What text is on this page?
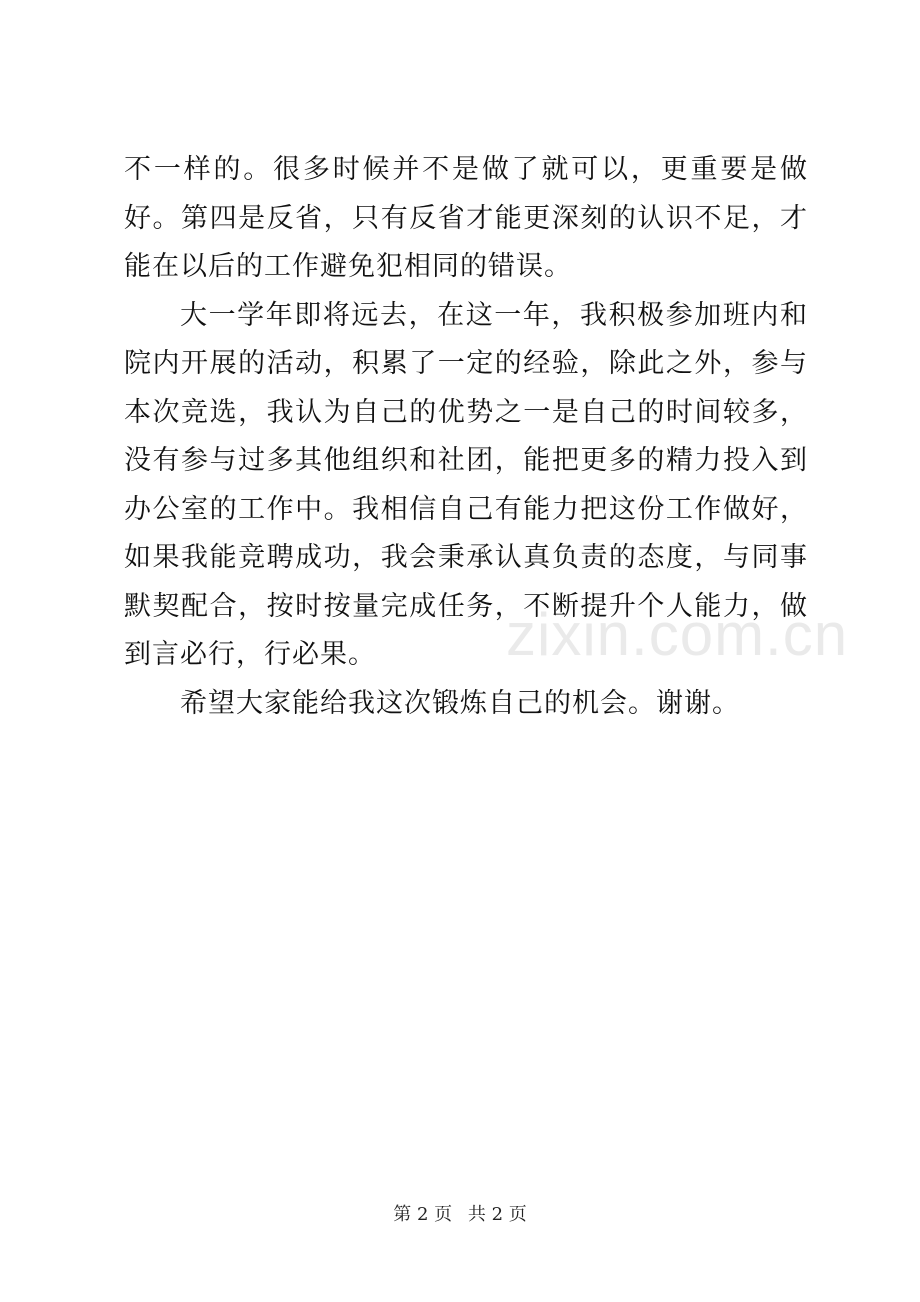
不一样的。很多时候并不是做了就可以，更重要是做好。第四是反省，只有反省才能更深刻的认识不足，才能在以后的工作避免犯相同的错误。

大一学年即将远去，在这一年，我积极参加班内和院内开展的活动，积累了一定的经验，除此之外，参与本次竞选，我认为自己的优势之一是自己的时间较多，没有参与过多其他组织和社团，能把更多的精力投入到办公室的工作中。我相信自己有能力把这份工作做好，如果我能竞聘成功，我会秉承认真负责的态度，与同事默契配合，按时按量完成任务，不断提升个人能力，做到言必行，行必果。

希望大家能给我这次锻炼自己的机会。谢谢。

zixin.com.cn
第 2 页 共 2 页
